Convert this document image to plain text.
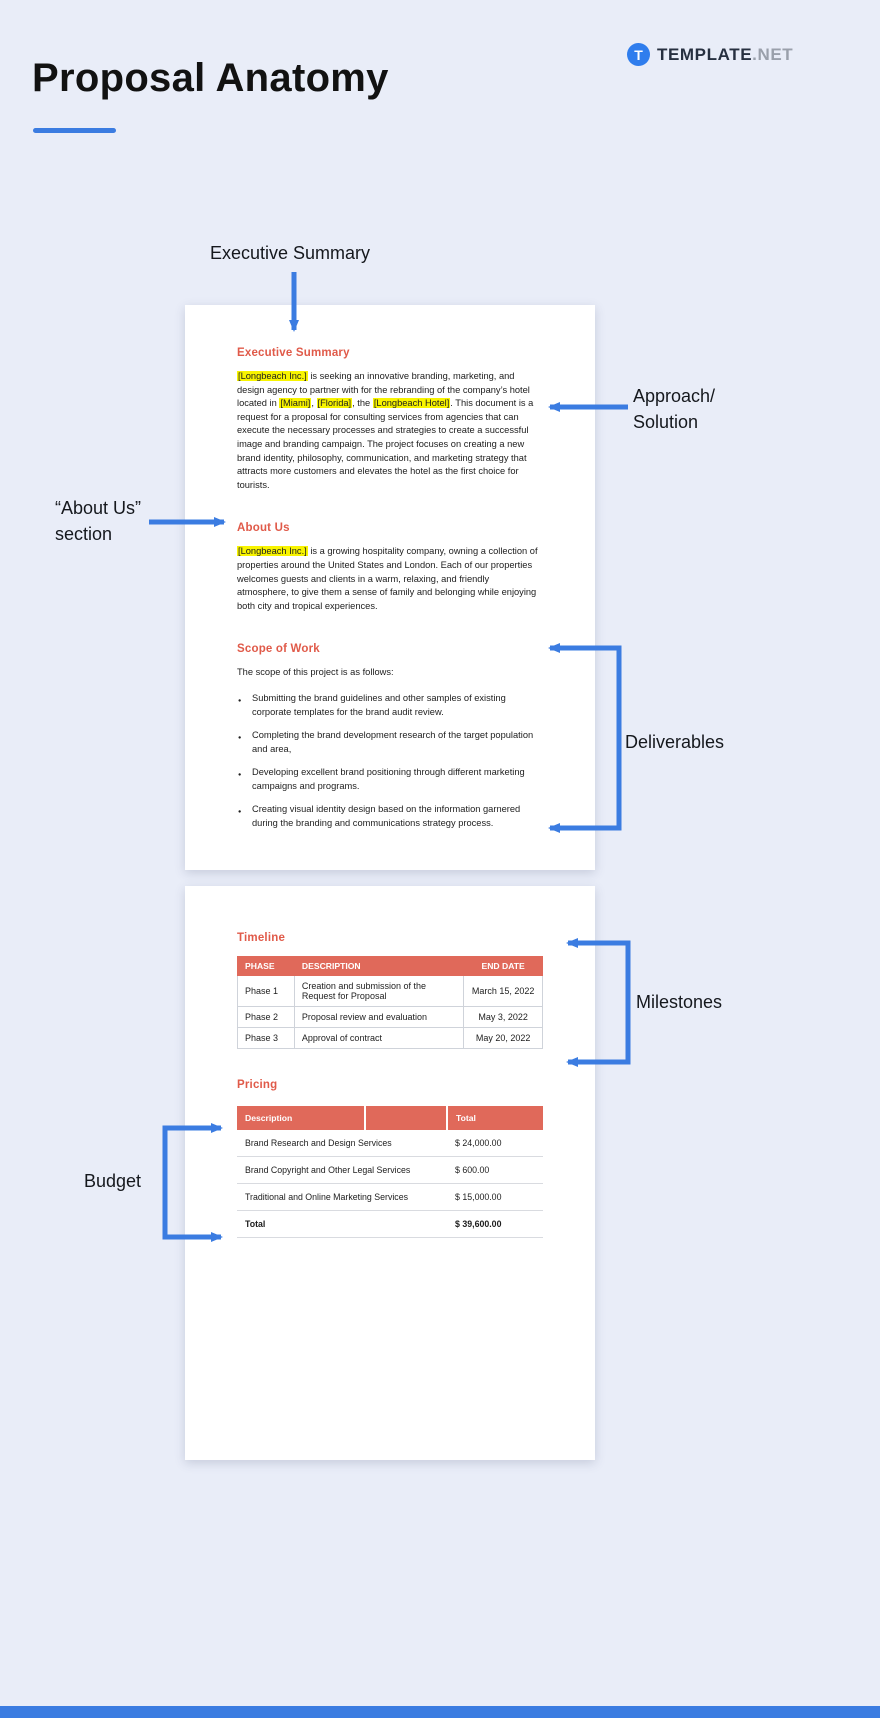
Proposal Anatomy
T TEMPLATE.NET
Executive Summary

[Longbeach Inc.] is seeking an innovative branding, marketing, and design agency to partner with for the rebranding of the company’s hotel located in [Miami], [Florida], the [Longbeach Hotel]. This document is a request for a proposal for consulting services from agencies that can execute the necessary processes and strategies to create a successful image and branding campaign. The project focuses on creating a new brand identity, philosophy, communication, and marketing strategy that attracts more customers and elevates the hotel as the first choice for tourists.

About Us

[Longbeach Inc.] is a growing hospitality company, owning a collection of properties around the United States and London. Each of our properties welcomes guests and clients in a warm, relaxing, and friendly atmosphere, to give them a sense of family and belonging while enjoying both city and tropical experiences.

Scope of Work

The scope of this project is as follows:

● Submitting the brand guidelines and other samples of existing corporate templates for the brand audit review.
● Completing the brand development research of the target population and area,
● Developing excellent brand positioning through different marketing campaigns and programs.
● Creating visual identity design based on the information garnered during the branding and communications strategy process.
Timeline
PHASE	DESCRIPTION	END DATE
Phase 1	Creation and submission of the Request for Proposal	March 15, 2022
Phase 2	Proposal review and evaluation	May 3, 2022
Phase 3	Approval of contract	May 20, 2022
Pricing
Description		Total
Brand Research and Design Services		$ 24,000.00
Brand Copyright and Other Legal Services		$ 600.00
Traditional and Online Marketing Services		$ 15,000.00
Total		$ 39,600.00
Executive Summary
Approach/
Solution
“About Us”
section
Deliverables
Milestones
Budget
